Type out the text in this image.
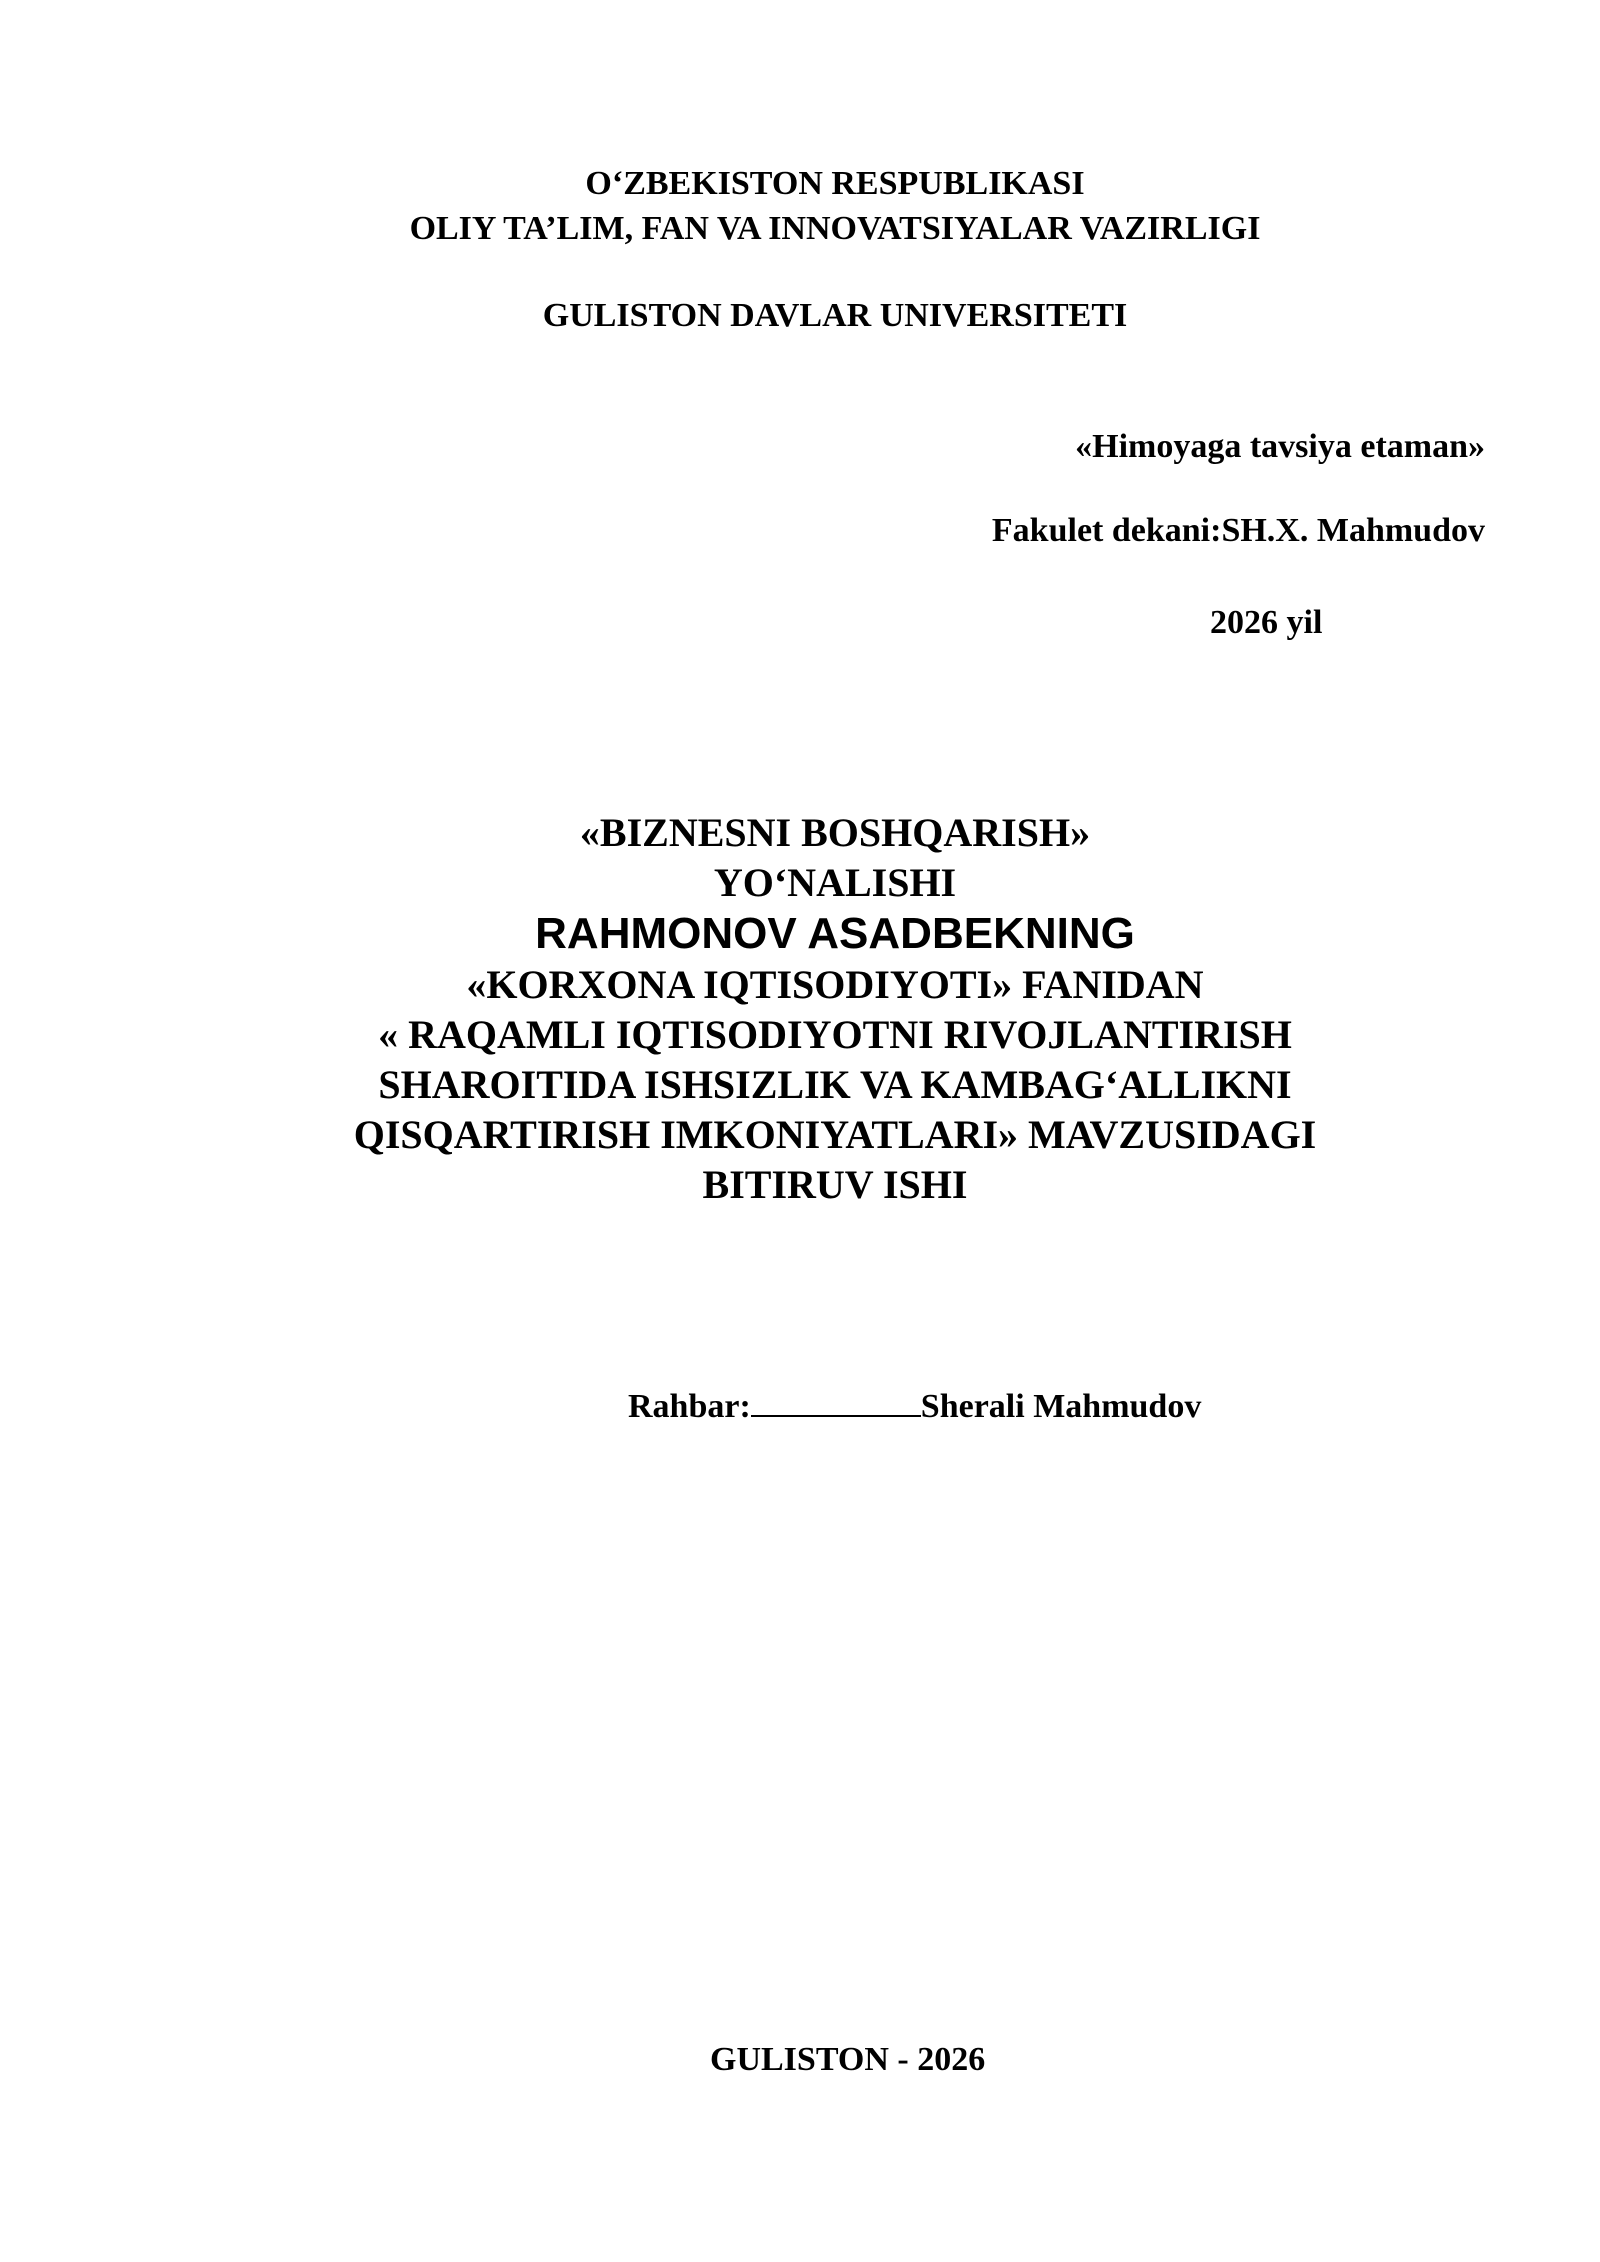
O‘ZBEKISTON RESPUBLIKASI

OLIY TA’LIM, FAN VA INNOVATSIYALAR VAZIRLIGI

GULISTON DAVLAR UNIVERSITETI

«Himoyaga tavsiya etaman»

Fakulet dekani:SH.X. Mahmudov

2026 yil

«BIZNESNI BOSHQARISH»

YO‘NALISHI

RAHMONOV ASADBEKNING

«KORXONA IQTISODIYOTI» FANIDAN

« RAQAMLI IQTISODIYOTNI RIVOJLANTIRISH

SHAROITIDA ISHSIZLIK VA KAMBAG‘ALLIKNI

QISQARTIRISH IMKONIYATLARI» MAVZUSIDAGI

BITIRUV ISHI

Rahbar:	Sherali Mahmudov

GULISTON - 2026
